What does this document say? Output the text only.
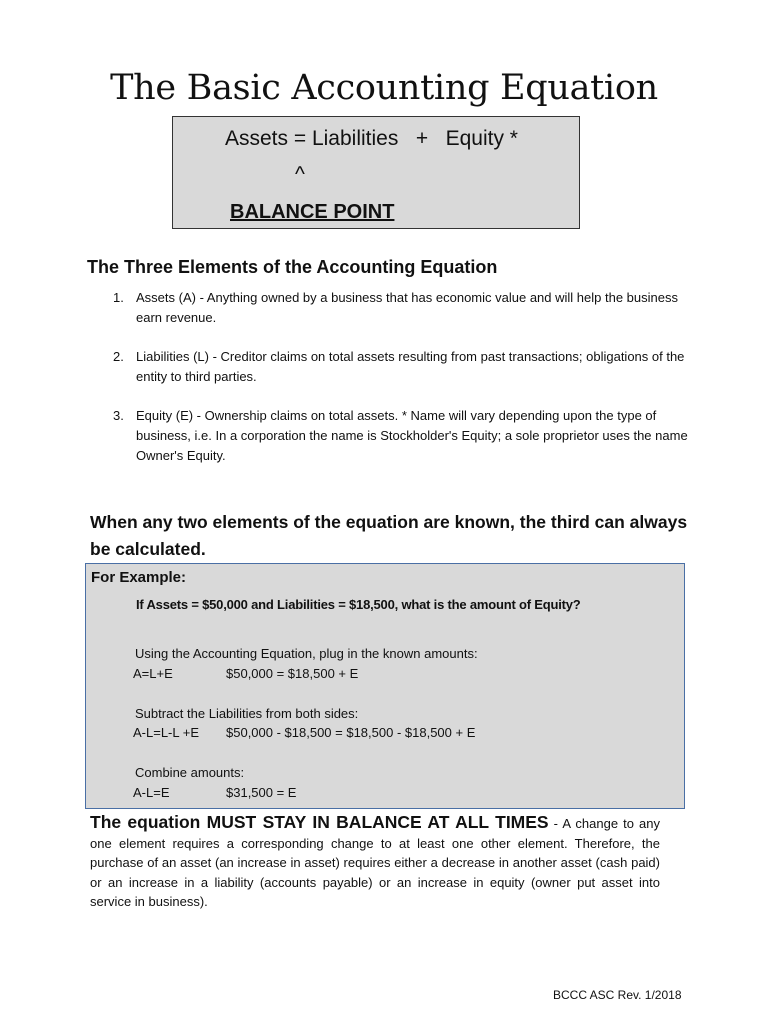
The Basic Accounting Equation
Assets = Liabilities   +   Equity *
^
BALANCE POINT
The Three Elements of the Accounting Equation
1. Assets (A) - Anything owned by a business that has economic value and will help the business earn revenue.
2. Liabilities (L) - Creditor claims on total assets resulting from past transactions; obligations of the entity to third parties.
3. Equity (E) - Ownership claims on total assets. * Name will vary depending upon the type of business, i.e. In a corporation the name is Stockholder's Equity; a sole proprietor uses the name Owner's Equity.
When any two elements of the equation are known, the third can always be calculated.
For Example:
If Assets = $50,000 and Liabilities = $18,500, what is the amount of Equity?
Using the Accounting Equation, plug in the known amounts:
A=L+E	$50,000 = $18,500 + E
Subtract the Liabilities from both sides:
A-L=L-L +E $50,000 - $18,500 = $18,500 - $18,500 + E
Combine amounts:
A-L=E	$31,500 = E
The equation MUST STAY IN BALANCE AT ALL TIMES - A change to any one element requires a corresponding change to at least one other element. Therefore, the purchase of an asset (an increase in asset) requires either a decrease in another asset (cash paid) or an increase in a liability (accounts payable) or an increase in equity (owner put asset into service in business).
BCCC ASC Rev. 1/2018
